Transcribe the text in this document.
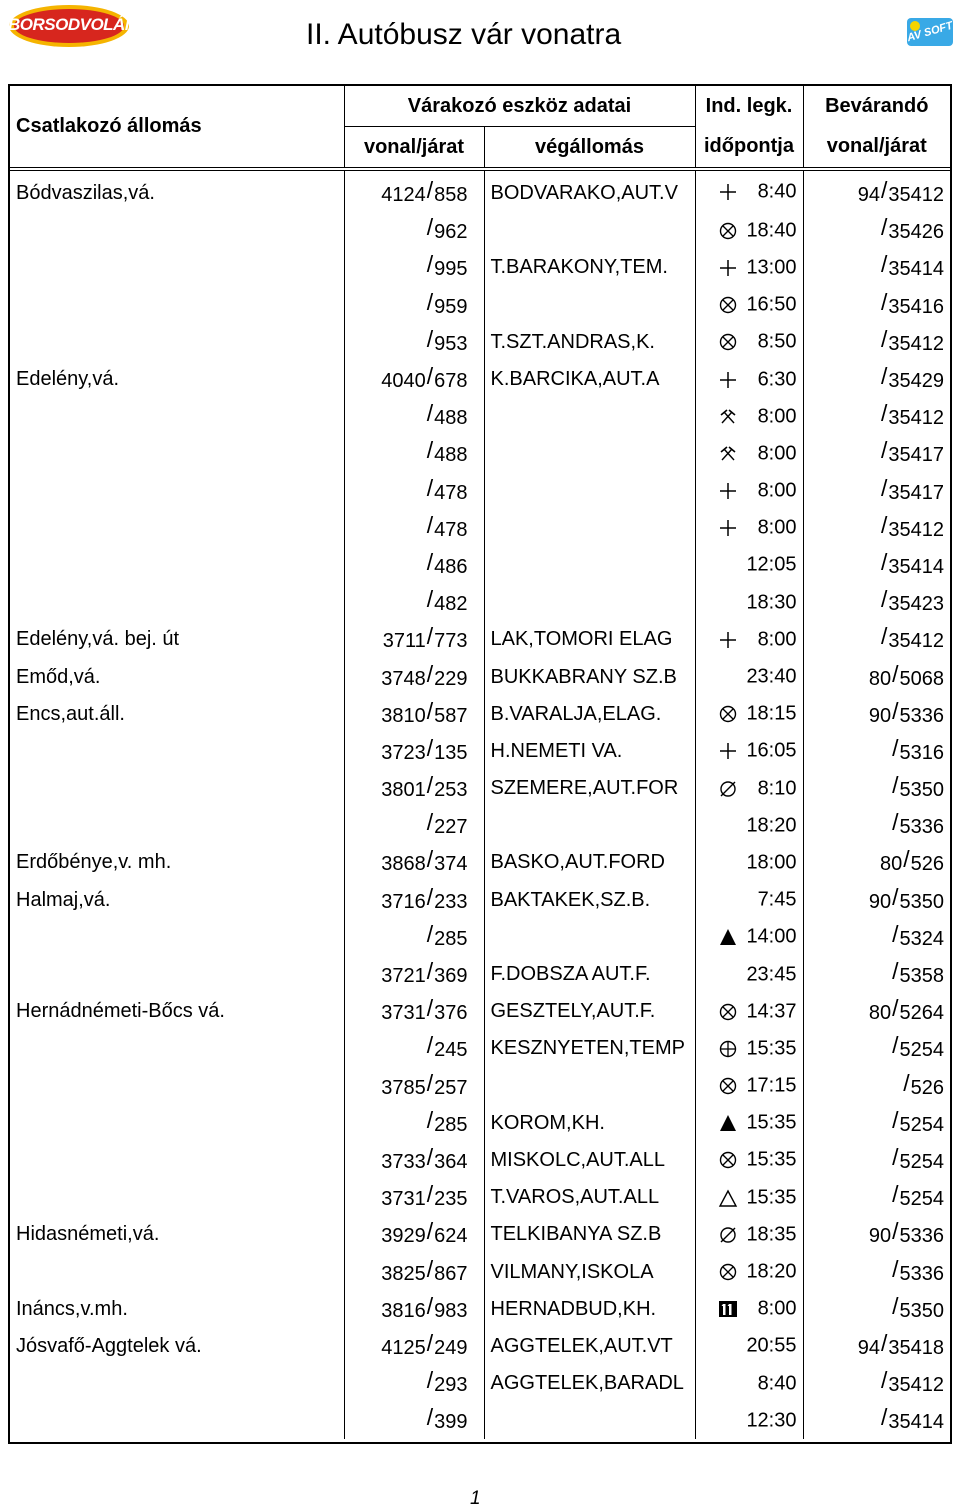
BORSODVOLÁN	II. Autóbusz vár vonatra	AV SOFT
Csatlakozó állomás	Várakozó eszköz adatai		Ind. legk.	Bevárandó
	vonal/járat	végállomás	időpontja	vonal/járat
Bódvaszilas,vá.	4124/858	BODVARAKO,AUT.V	8:40	94/35412
	/962		18:40	/35426
	/995	T.BARAKONY,TEM.	13:00	/35414
	/959		16:50	/35416
	/953	T.SZT.ANDRAS,K.	8:50	/35412
Edelény,vá.	4040/678	K.BARCIKA,AUT.A	6:30	/35429
	/488		8:00	/35412
	/488		8:00	/35417
	/478		8:00	/35417
	/478		8:00	/35412
	/486		12:05	/35414
	/482		18:30	/35423
Edelény,vá. bej. út	3711/773	LAK,TOMORI ELAG	8:00	/35412
Emőd,vá.	3748/229	BUKKABRANY SZ.B	23:40	80/5068
Encs,aut.áll.	3810/587	B.VARALJA,ELAG.	18:15	90/5336
	3723/135	H.NEMETI VA.	16:05	/5316
	3801/253	SZEMERE,AUT.FOR	8:10	/5350
	/227		18:20	/5336
Erdőbénye,v. mh.	3868/374	BASKO,AUT.FORD	18:00	80/526
Halmaj,vá.	3716/233	BAKTAKEK,SZ.B.	7:45	90/5350
	/285		14:00	/5324
	3721/369	F.DOBSZA AUT.F.	23:45	/5358
Hernádnémeti-Bőcs vá.	3731/376	GESZTELY,AUT.F.	14:37	80/5264
	/245	KESZNYETEN,TEMP	15:35	/5254
	3785/257		17:15	/526
	/285	KOROM,KH.	15:35	/5254
	3733/364	MISKOLC,AUT.ALL	15:35	/5254
	3731/235	T.VAROS,AUT.ALL	15:35	/5254
Hidasnémeti,vá.	3929/624	TELKIBANYA SZ.B	18:35	90/5336
	3825/867	VILMANY,ISKOLA	18:20	/5336
Ináncs,v.mh.	3816/983	HERNADBUD,KH.	8:00	/5350
Jósvafő-Aggtelek vá.	4125/249	AGGTELEK,AUT.VT	20:55	94/35418
	/293	AGGTELEK,BARADL	8:40	/35412
	/399		12:30	/35414
1
